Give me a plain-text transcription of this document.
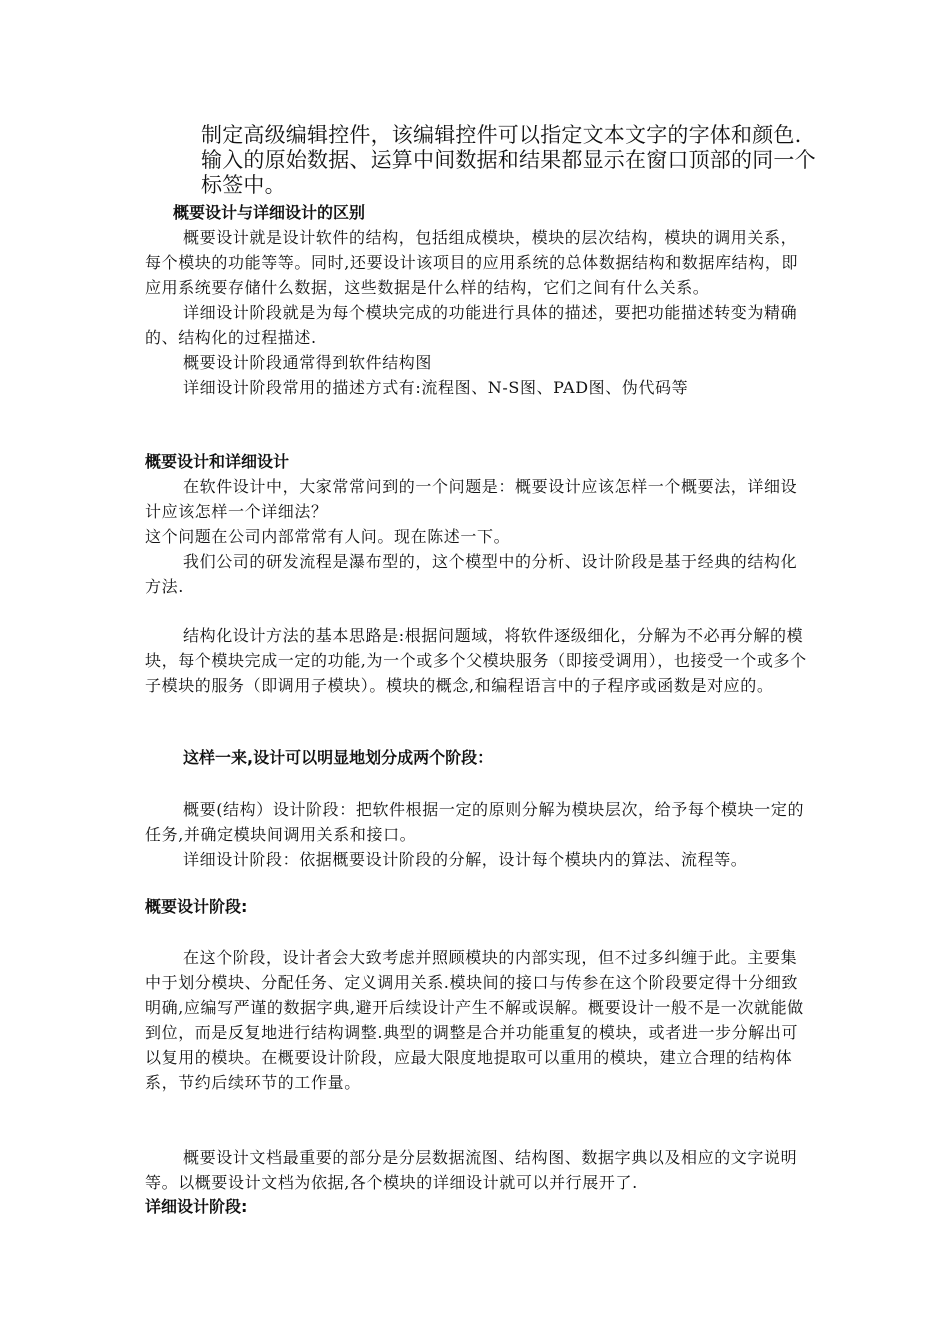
制定高级编辑控件，该编辑控件可以指定文本文字的字体和颜色.输入的原始数据、运算中间数据和结果都显示在窗口顶部的同一个标签中。
概要设计与详细设计的区别

概要设计就是设计软件的结构，包括组成模块，模块的层次结构，模块的调用关系，每个模块的功能等等。同时,还要设计该项目的应用系统的总体数据结构和数据库结构，即应用系统要存储什么数据，这些数据是什么样的结构，它们之间有什么关系。

详细设计阶段就是为每个模块完成的功能进行具体的描述，要把功能描述转变为精确的、结构化的过程描述.

概要设计阶段通常得到软件结构图

详细设计阶段常用的描述方式有:流程图、N-S图、PAD图、伪代码等

概要设计和详细设计

在软件设计中，大家常常问到的一个问题是：概要设计应该怎样一个概要法，详细设计应该怎样一个详细法？

这个问题在公司内部常常有人问。现在陈述一下。

我们公司的研发流程是瀑布型的，这个模型中的分析、设计阶段是基于经典的结构化方法.

结构化设计方法的基本思路是:根据问题域，将软件逐级细化，分解为不必再分解的模块，每个模块完成一定的功能,为一个或多个父模块服务（即接受调用），也接受一个或多个子模块的服务（即调用子模块）。模块的概念,和编程语言中的子程序或函数是对应的。

这样一来,设计可以明显地划分成两个阶段：

概要(结构）设计阶段：把软件根据一定的原则分解为模块层次，给予每个模块一定的任务,并确定模块间调用关系和接口。

详细设计阶段：依据概要设计阶段的分解，设计每个模块内的算法、流程等。

概要设计阶段:

在这个阶段，设计者会大致考虑并照顾模块的内部实现，但不过多纠缠于此。主要集中于划分模块、分配任务、定义调用关系.模块间的接口与传参在这个阶段要定得十分细致明确,应编写严谨的数据字典,避开后续设计产生不解或误解。概要设计一般不是一次就能做到位，而是反复地进行结构调整.典型的调整是合并功能重复的模块，或者进一步分解出可以复用的模块。在概要设计阶段，应最大限度地提取可以重用的模块，建立合理的结构体系，节约后续环节的工作量。

概要设计文档最重要的部分是分层数据流图、结构图、数据字典以及相应的文字说明等。以概要设计文档为依据,各个模块的详细设计就可以并行展开了.

详细设计阶段:
